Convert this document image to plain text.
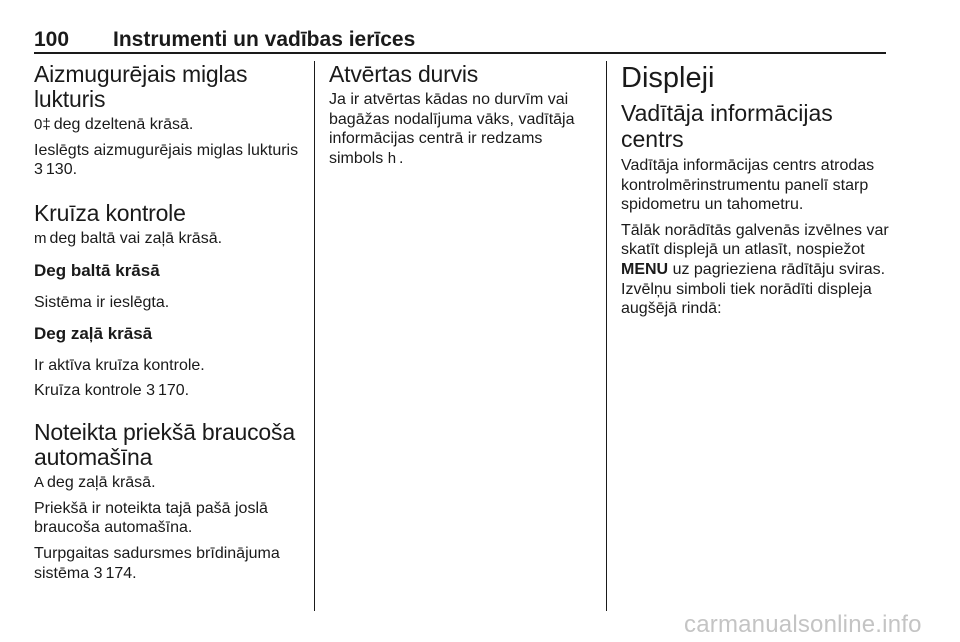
100 Instrumenti un vadības ierīces
Aizmugurējais miglas lukturis

0‡ deg dzeltenā krāsā.

Ieslēgts aizmugurējais miglas lukturis
3 130.

Kruīza kontrole

m deg baltā vai zaļā krāsā.

Deg baltā krāsā

Sistēma ir ieslēgta.

Deg zaļā krāsā

Ir aktīva kruīza kontrole.

Kruīza kontrole 3 170.

Noteikta priekšā braucoša automašīna

A deg zaļā krāsā.

Priekšā ir noteikta tajā pašā joslā braucoša automašīna.

Turpgaitas sadursmes brīdinājuma sistēma 3 174.

Atvērtas durvis

Ja ir atvērtas kādas no durvīm vai bagāžas nodalījuma vāks, vadītāja informācijas centrā ir redzams simbols h .

Displeji
Vadītāja informācijas centrs

Vadītāja informācijas centrs atrodas kontrolmērinstrumentu panelī starp spidometru un tahometru.

Tālāk norādītās galvenās izvēlnes var skatīt displejā un atlasīt, nospiežot MENU uz pagrieziena rādītāju sviras. Izvēlņu simboli tiek norādīti displeja augšējā rindā:

carmanualsonline.info
